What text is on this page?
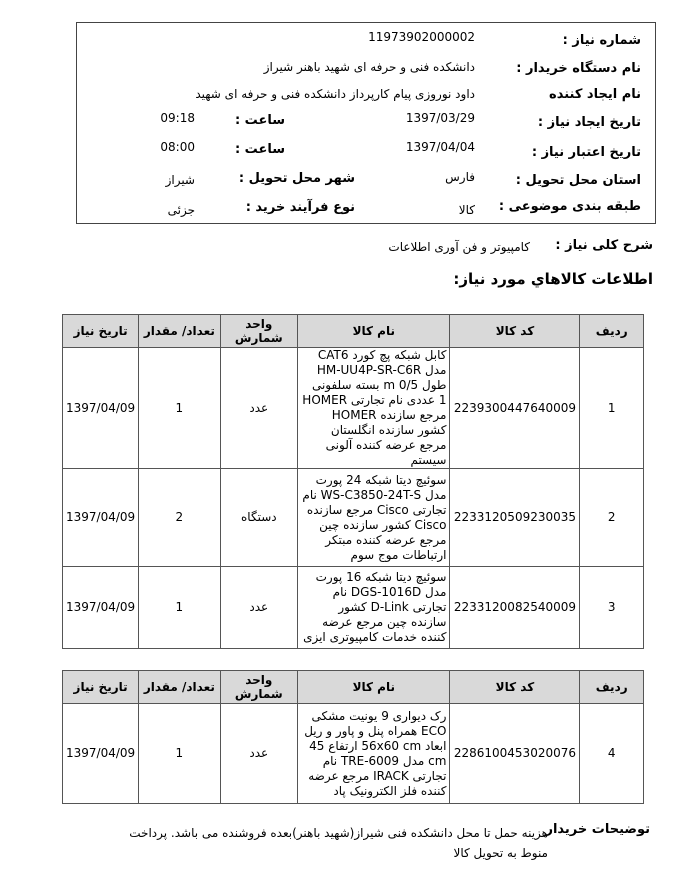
شماره نیاز :
11973902000002
نام دستگاه خریدار :
دانشکده فنی و حرفه ای شهید باهنر شیراز
نام ایجاد کننده
داود نوروزی پیام کارپرداز دانشکده فنی و حرفه ای شهید
تاریخ ایجاد نیاز :
1397/03/29
ساعت :
09:18
تاریخ اعتبار نیاز :
1397/04/04
ساعت :
08:00
استان محل تحویل :
فارس
شهر محل تحویل :
شیراز
طبقه بندی موضوعی :
کالا
نوع فرآیند خرید :
جزئی
شرح کلی نیاز :
کامپیوتر و فن آوری اطلاعات
اطلاعات کالاهاي مورد نیاز:
ردیف	کد کالا	نام کالا	واحد شمارش	تعداد/ مقدار	تاریخ نیاز
1	2239300447640009	کابل شبکه پچ کورد CAT6 مدل HM-UU4P-SR-C6R طول 0/5 m بسته سلفونی 1 عددی نام تجارتی HOMER مرجع سازنده HOMER کشور سازنده انگلستان مرجع عرضه کننده آلونی سیستم	عدد	1	1397/04/09
2	2233120509230035	سوئیچ دیتا شبکه 24 پورت مدل WS-C3850-24T-S نام تجارتی Cisco مرجع سازنده Cisco کشور سازنده چین مرجع عرضه کننده مبتکر ارتباطات موج سوم	دستگاه	2	1397/04/09
3	2233120082540009	سوئیچ دیتا شبکه 16 پورت مدل DGS-1016D نام تجارتی D-Link کشور سازنده چین مرجع عرضه کننده خدمات کامپیوتری ایزی	عدد	1	1397/04/09
ردیف	کد کالا	نام کالا	واحد شمارش	تعداد/ مقدار	تاریخ نیاز
4	2286100453020076	رک دیواری 9 یونیت مشکی ECO همراه پنل و پاور و ریل ابعاد 56x60 cm ارتفاع 45 cm مدل TRE-6009 نام تجارتی IRACK مرجع عرضه کننده فلز الکترونیک پاد	عدد	1	1397/04/09
توضیحات خریدار
هزینه حمل تا محل دانشکده فنی شیراز(شهید باهنر)بعده فروشنده می باشد. پرداخت منوط به تحویل کالا
